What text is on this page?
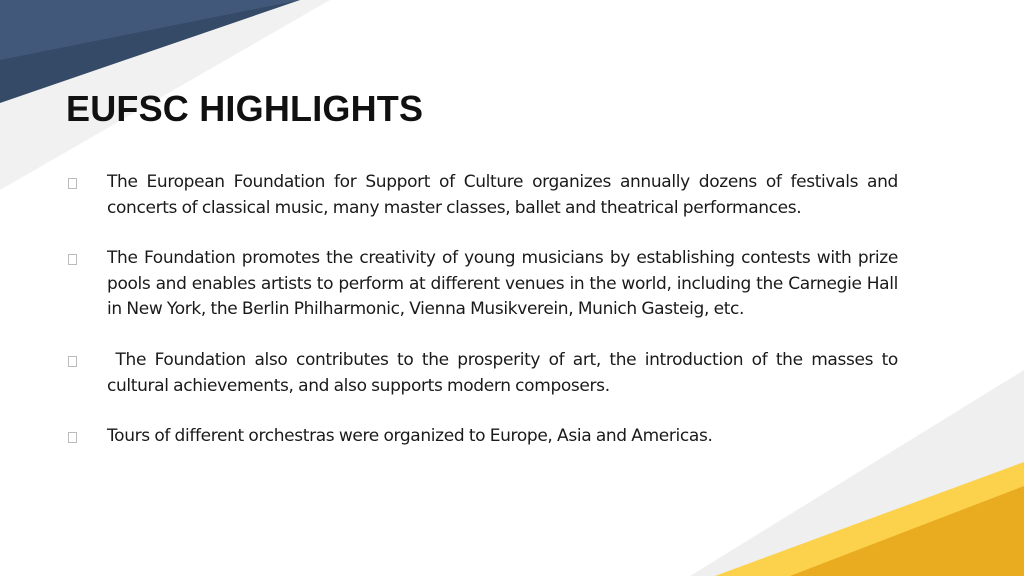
EUFSC HIGHLIGHTS
The European Foundation for Support of Culture organizes annually dozens of festivals and concerts of classical music, many master classes, ballet and theatrical performances.
The Foundation promotes the creativity of young musicians by establishing contests with prize pools and enables artists to perform at different venues in the world, including the Carnegie Hall in New York, the Berlin Philharmonic, Vienna Musikverein, Munich Gasteig, etc.
The Foundation also contributes to the prosperity of art, the introduction of the masses to cultural achievements, and also supports modern composers.
Tours of different orchestras were organized to Europe, Asia and Americas.
